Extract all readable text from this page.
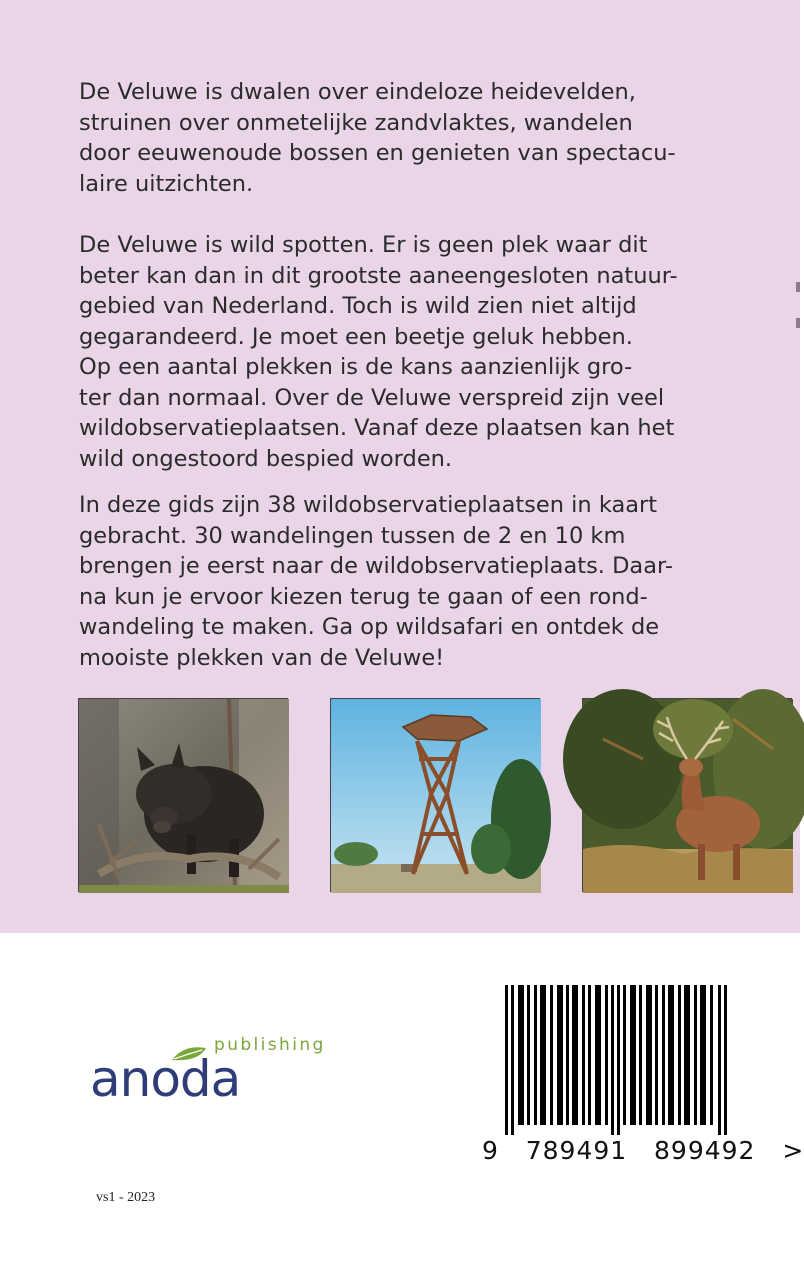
De Veluwe is dwalen over eindeloze heidevelden,
struinen over onmetelijke zandvlaktes, wandelen
door eeuwenoude bossen en genieten van spectacu-
laire uitzichten.

De Veluwe is wild spotten. Er is geen plek waar dit
beter kan dan in dit grootste aaneengesloten natuur-
gebied van Nederland. Toch is wild zien niet altijd
gegarandeerd. Je moet een beetje geluk hebben.
Op een aantal plekken is de kans aanzienlijk gro-
ter dan normaal. Over de Veluwe verspreid zijn veel
wildobservatieplaatsen. Vanaf deze plaatsen kan het
wild ongestoord bespied worden.

In deze gids zijn 38 wildobservatieplaatsen in kaart
gebracht. 30 wandelingen tussen de 2 en 10 km
brengen je eerst naar de wildobservatieplaats. Daar-
na kun je ervoor kiezen terug te gaan of een rond-
wandeling te maken. Ga op wildsafari en ontdek de
mooiste plekken van de Veluwe!

publishing
anoda
9   789491   899492 >
vs1 - 2023
